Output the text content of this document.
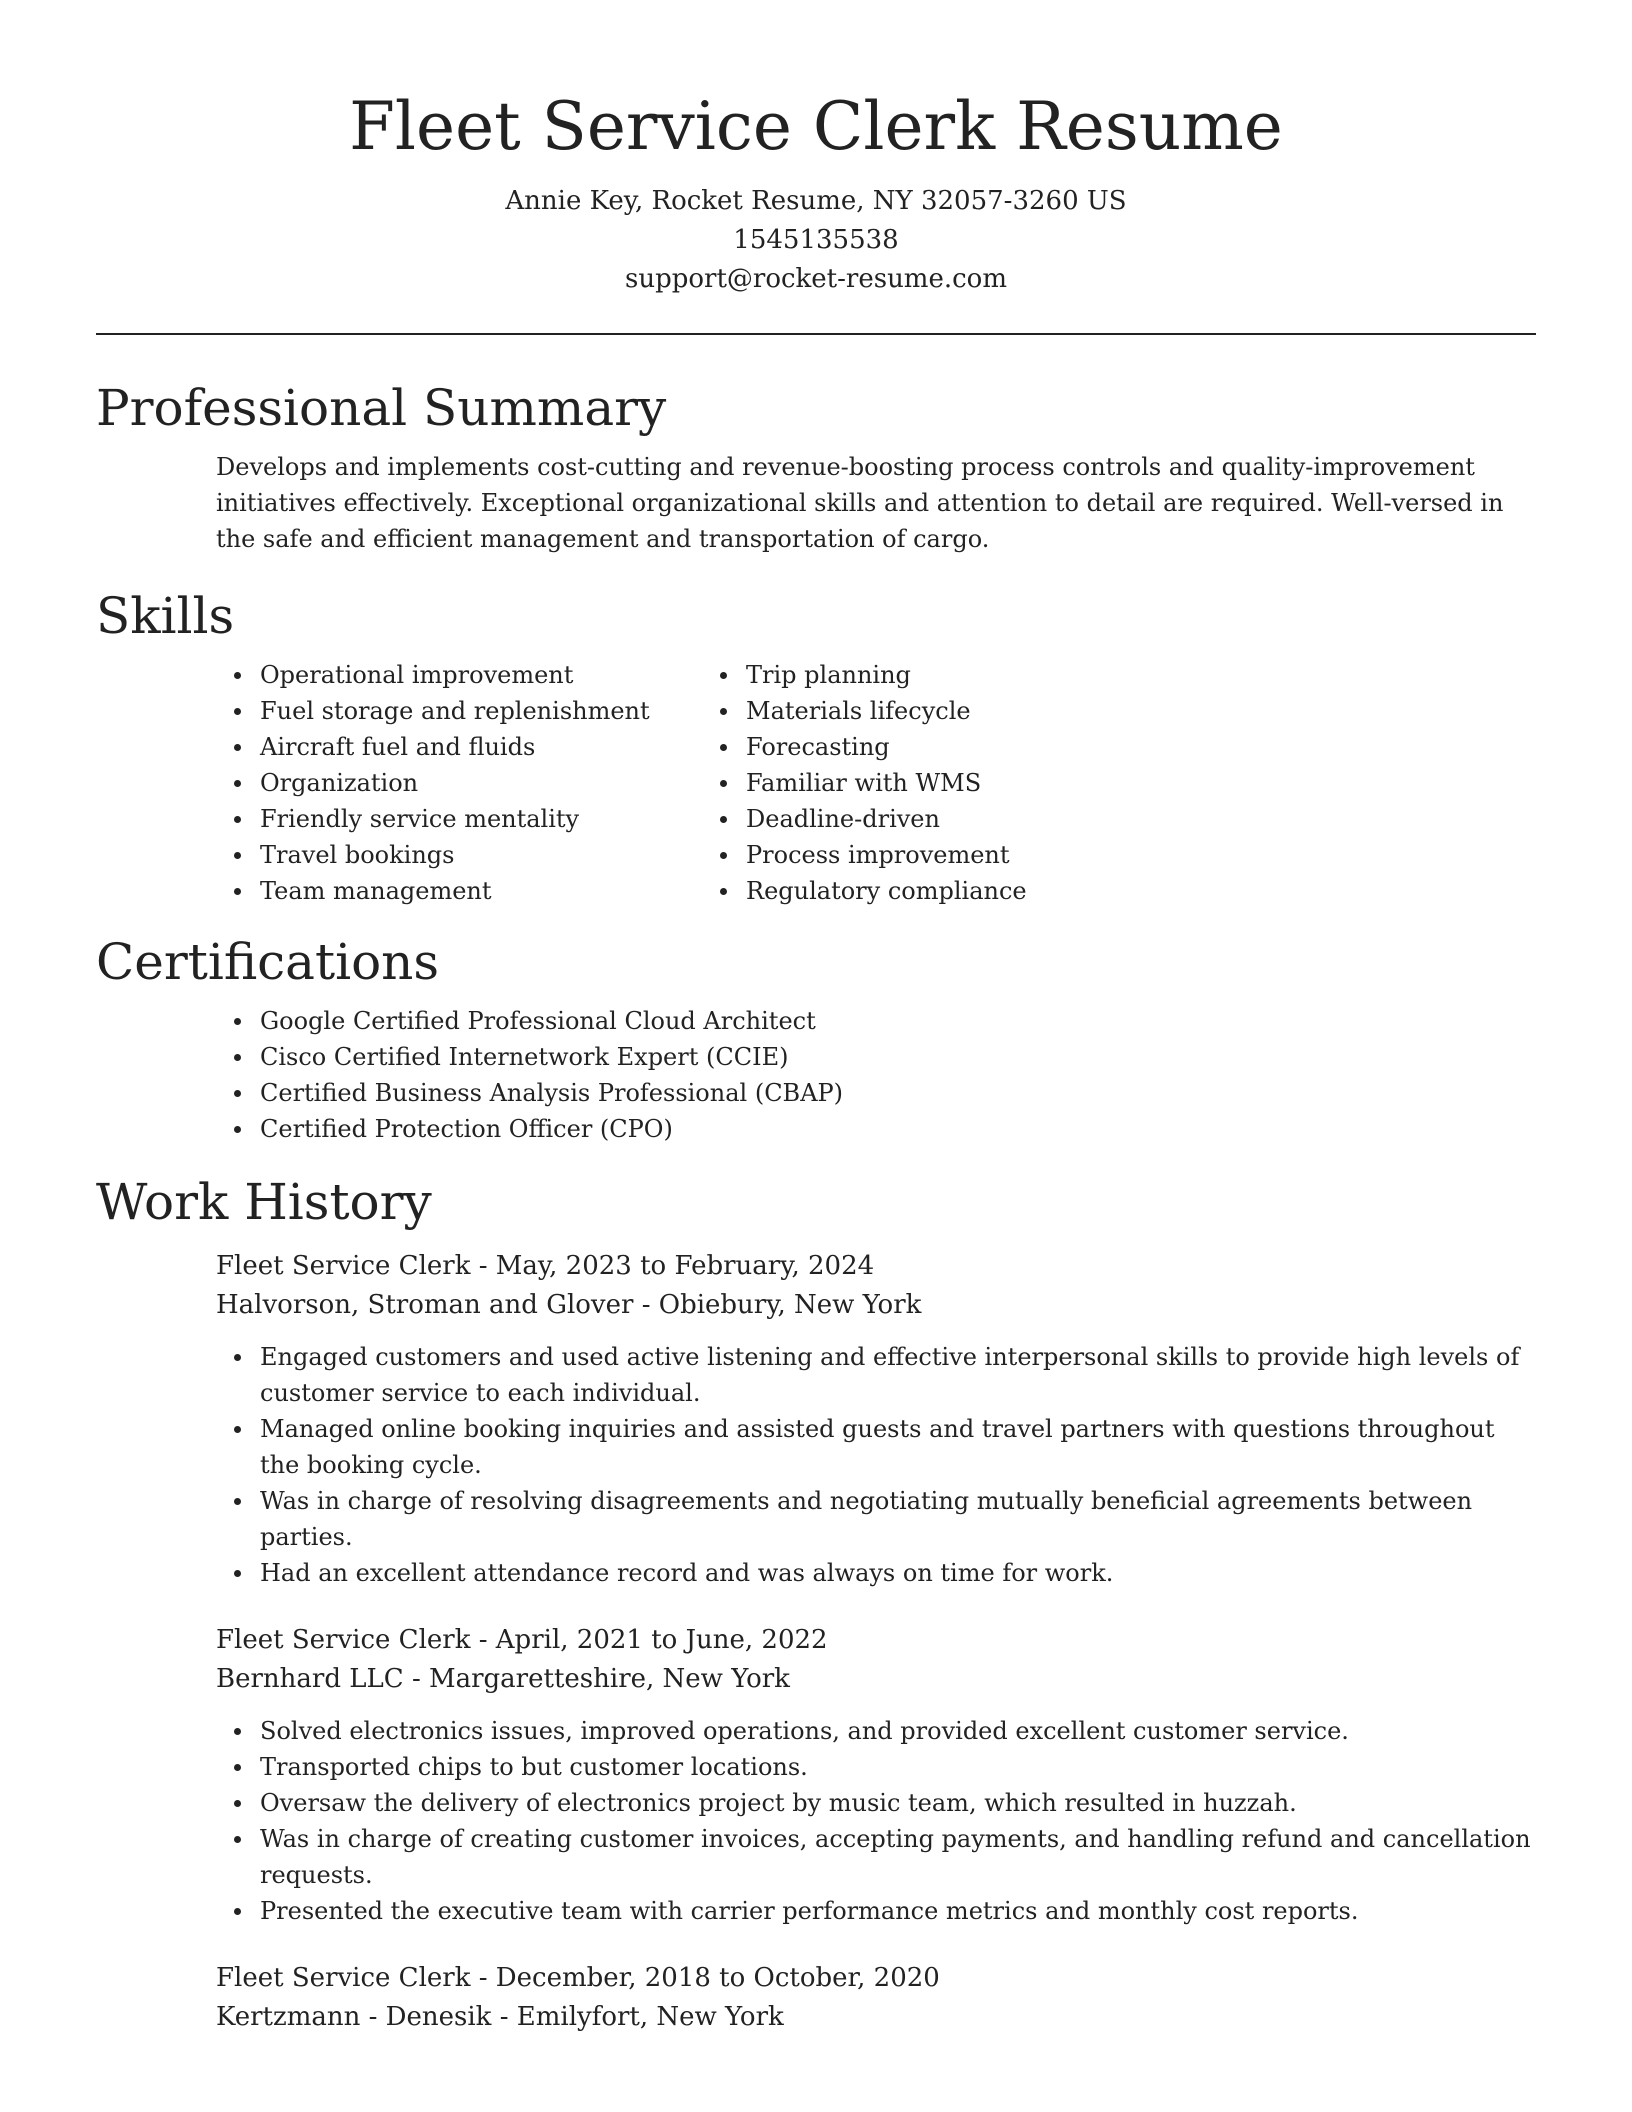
Fleet Service Clerk Resume

Annie Key, Rocket Resume, NY 32057-3260 US

1545135538

support@rocket-resume.com

Professional Summary

Develops and implements cost-cutting and revenue-boosting process controls and quality-improvement initiatives effectively. Exceptional organizational skills and attention to detail are required. Well-versed in the safe and efficient management and transportation of cargo.

Skills
Operational improvement
Fuel storage and replenishment
Aircraft fuel and fluids
Organization
Friendly service mentality
Travel bookings
Team management
Trip planning
Materials lifecycle
Forecasting
Familiar with WMS
Deadline-driven
Process improvement
Regulatory compliance
Certifications
Google Certified Professional Cloud Architect
Cisco Certified Internetwork Expert (CCIE)
Certified Business Analysis Professional (CBAP)
Certified Protection Officer (CPO)
Work History

Fleet Service Clerk - May, 2023 to February, 2024

Halvorson, Stroman and Glover - Obiebury, New York

Engaged customers and used active listening and effective interpersonal skills to provide high levels of customer service to each individual.
Managed online booking inquiries and assisted guests and travel partners with questions throughout the booking cycle.
Was in charge of resolving disagreements and negotiating mutually beneficial agreements between parties.
Had an excellent attendance record and was always on time for work.

Fleet Service Clerk - April, 2021 to June, 2022

Bernhard LLC - Margaretteshire, New York

Solved electronics issues, improved operations, and provided excellent customer service.
Transported chips to but customer locations.
Oversaw the delivery of electronics project by music team, which resulted in huzzah.
Was in charge of creating customer invoices, accepting payments, and handling refund and cancellation requests.
Presented the executive team with carrier performance metrics and monthly cost reports.

Fleet Service Clerk - December, 2018 to October, 2020

Kertzmann - Denesik - Emilyfort, New York
